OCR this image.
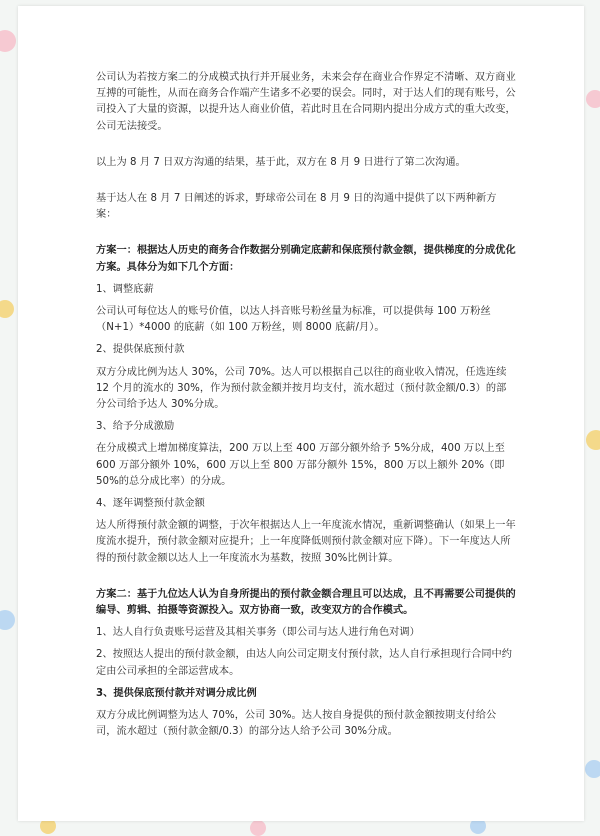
公司认为若按方案二的分成模式执行并开展业务，未来会存在商业合作界定不清晰、双方商业互搏的可能性，从而在商务合作端产生诸多不必要的误会。同时，对于达人们的现有账号，公司投入了大量的资源，以提升达人商业价值，若此时且在合同期内提出分成方式的重大改变，公司无法接受。

以上为 8 月 7 日双方沟通的结果，基于此，双方在 8 月 9 日进行了第二次沟通。

基于达人在 8 月 7 日阐述的诉求，野球帝公司在 8 月 9 日的沟通中提供了以下两种新方案：

方案一：根据达人历史的商务合作数据分别确定底薪和保底预付款金额，提供梯度的分成优化方案。具体分为如下几个方面：

1、调整底薪

公司认可每位达人的账号价值，以达人抖音账号粉丝量为标准，可以提供每 100 万粉丝（N+1）*4000 的底薪（如 100 万粉丝，则 8000 底薪/月）。

2、提供保底预付款

双方分成比例为达人 30%，公司 70%。达人可以根据自己以往的商业收入情况，任选连续 12 个月的流水的 30%，作为预付款金额并按月均支付，流水超过（预付款金额/0.3）的部分公司给予达人 30%分成。

3、给予分成激励

在分成模式上增加梯度算法，200 万以上至 400 万部分额外给予 5%分成，400 万以上至 600 万部分额外 10%，600 万以上至 800 万部分额外 15%，800 万以上额外 20%（即 50%的总分成比率）的分成。

4、逐年调整预付款金额

达人所得预付款金额的调整，于次年根据达人上一年度流水情况，重新调整确认（如果上一年度流水提升，预付款金额对应提升；上一年度降低则预付款金额对应下降）。下一年度达人所得的预付款金额以达人上一年度流水为基数，按照 30%比例计算。

方案二：基于九位达人认为自身所提出的预付款金额合理且可以达成，且不再需要公司提供的编导、剪辑、拍摄等资源投入。双方协商一致，改变双方的合作模式。

1、达人自行负责账号运营及其相关事务（即公司与达人进行角色对调）

2、按照达人提出的预付款金额，由达人向公司定期支付预付款，达人自行承担现行合同中约定由公司承担的全部运营成本。

3、提供保底预付款并对调分成比例

双方分成比例调整为达人 70%，公司 30%。达人按自身提供的预付款金额按期支付给公司，流水超过（预付款金额/0.3）的部分达人给予公司 30%分成。
